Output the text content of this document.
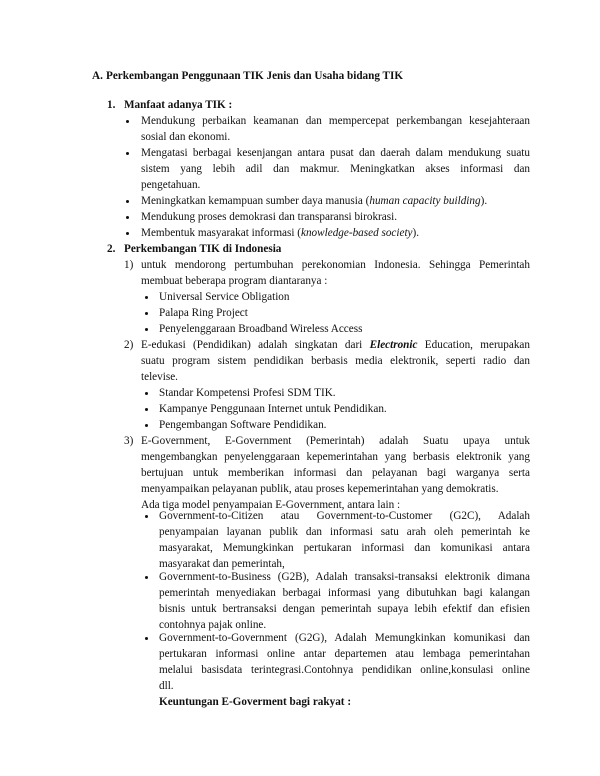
A. Perkembangan Penggunaan TIK Jenis dan Usaha bidang TIK
1. Manfaat adanya TIK :
Mendukung perbaikan keamanan dan mempercepat perkembangan kesejahteraan
sosial dan ekonomi.
Mengatasi berbagai kesenjangan antara pusat dan daerah dalam mendukung suatu
sistem yang lebih adil dan makmur. Meningkatkan akses informasi dan
pengetahuan.
Meningkatkan kemampuan sumber daya manusia (human capacity building).
Mendukung proses demokrasi dan transparansi birokrasi.
Membentuk masyarakat informasi (knowledge-based society).
2. Perkembangan TIK di Indonesia
1) untuk mendorong pertumbuhan perekonomian Indonesia. Sehingga Pemerintah
membuat beberapa program diantaranya :
Universal Service Obligation
Palapa Ring Project
Penyelenggaraan Broadband Wireless Access
2) E-edukasi (Pendidikan) adalah singkatan dari Electronic Education, merupakan
suatu program sistem pendidikan berbasis media elektronik, seperti radio dan
televise.
Standar Kompetensi Profesi SDM TIK.
Kampanye Penggunaan Internet untuk Pendidikan.
Pengembangan Software Pendidikan.
3) E-Government, E-Government (Pemerintah) adalah Suatu upaya untuk
mengembangkan penyelenggaraan kepemerintahan yang berbasis elektronik yang
bertujuan untuk memberikan informasi dan pelayanan bagi warganya serta
menyampaikan pelayanan publik, atau proses kepemerintahan yang demokratis.
Ada tiga model penyampaian E-Government, antara lain :
Government-to-Citizen atau Government-to-Customer (G2C), Adalah
penyampaian layanan publik dan informasi satu arah oleh pemerintah ke
masyarakat, Memungkinkan pertukaran informasi dan komunikasi antara
masyarakat dan pemerintah,
Government-to-Business (G2B), Adalah transaksi-transaksi elektronik dimana
pemerintah menyediakan berbagai informasi yang dibutuhkan bagi kalangan
bisnis untuk bertransaksi dengan pemerintah supaya lebih efektif dan efisien
contohnya pajak online.
Government-to-Government (G2G), Adalah Memungkinkan komunikasi dan
pertukaran informasi online antar departemen atau lembaga pemerintahan
melalui basisdata terintegrasi.Contohnya pendidikan online,konsulasi online
dll.
Keuntungan E-Goverment bagi rakyat :
